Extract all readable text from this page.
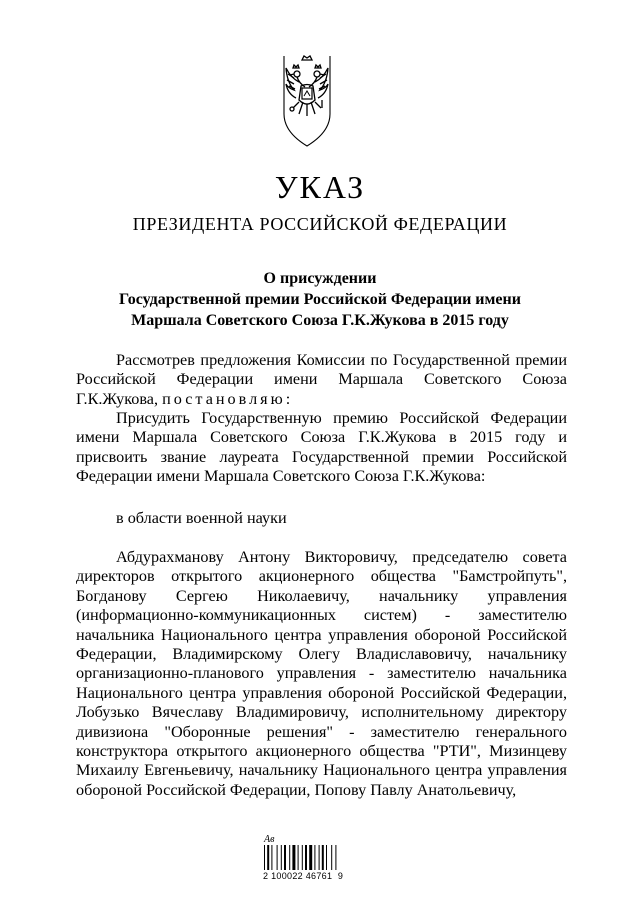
УКАЗ
ПРЕЗИДЕНТА РОССИЙСКОЙ ФЕДЕРАЦИИ
О присуждении
Государственной премии Российской Федерации имени
Маршала Советского Союза Г.К.Жукова в 2015 году

Рассмотрев предложения Комиссии по Государственной премии Российской Федерации имени Маршала Советского Союза Г.К.Жукова, постановляю:

Присудить Государственную премию Российской Федерации имени Маршала Советского Союза Г.К.Жукова в 2015 году и присвоить звание лауреата Государственной премии Российской Федерации имени Маршала Советского Союза Г.К.Жукова:

в области военной науки

Абдурахманову Антону Викторовичу, председателю совета директоров открытого акционерного общества "Бамстройпуть", Богданову Сергею Николаевичу, начальнику управления (информационно-коммуникационных систем) - заместителю начальника Национального центра управления обороной Российской Федерации, Владимирскому Олегу Владиславовичу, начальнику организационно-планового управления - заместителю начальника Национального центра управления обороной Российской Федерации, Лобузько Вячеславу Владимировичу, исполнительному директору дивизиона "Оборонные решения" - заместителю генерального конструктора открытого акционерного общества "РТИ", Мизинцеву Михаилу Евгеньевичу, начальнику Национального центра управления обороной Российской Федерации, Попову Павлу Анатольевичу,

Ав
2 100022 46761  9
